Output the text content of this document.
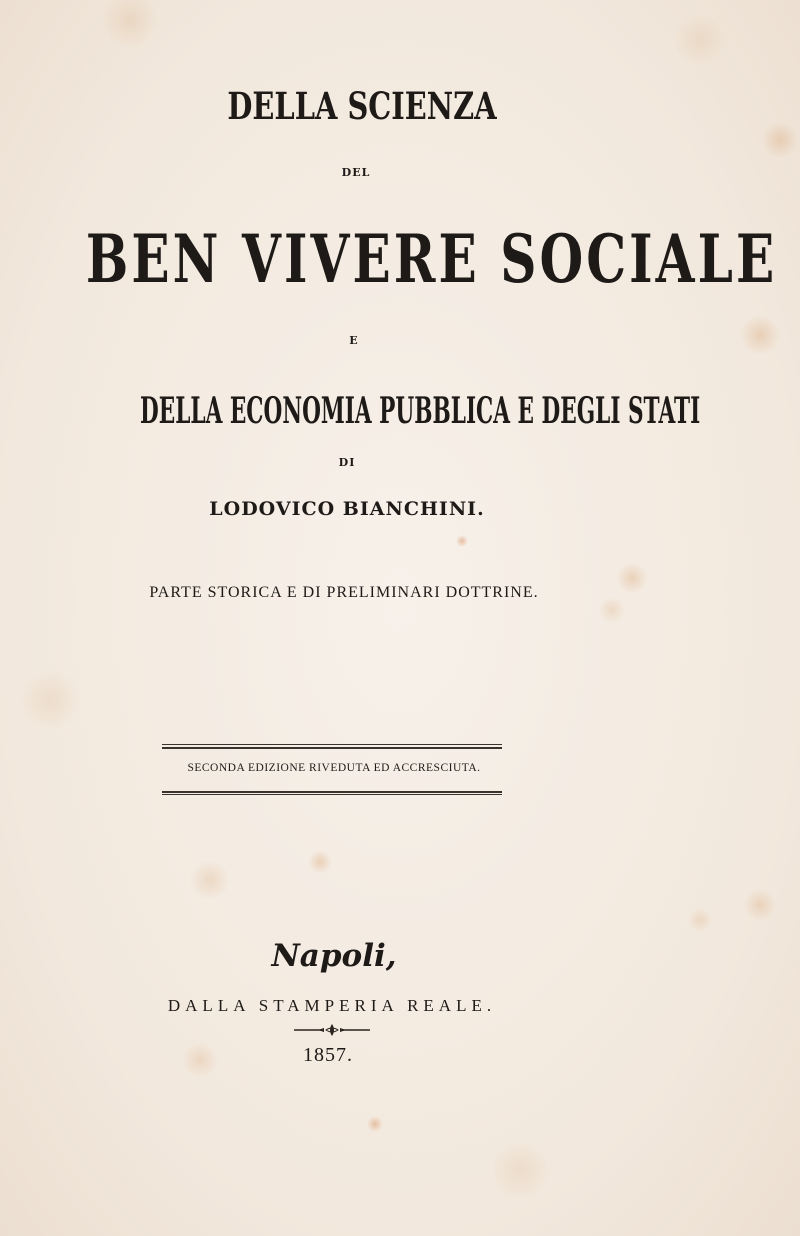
DELLA SCIENZA
DEL
BEN VIVERE SOCIALE
E
DELLA ECONOMIA PUBBLICA E DEGLI STATI
DI
LODOVICO BIANCHINI.
PARTE STORICA E DI PRELIMINARI DOTTRINE.
SECONDA EDIZIONE RIVEDUTA ED ACCRESCIUTA.
Napoli,
DALLA STAMPERIA REALE.
1857.
